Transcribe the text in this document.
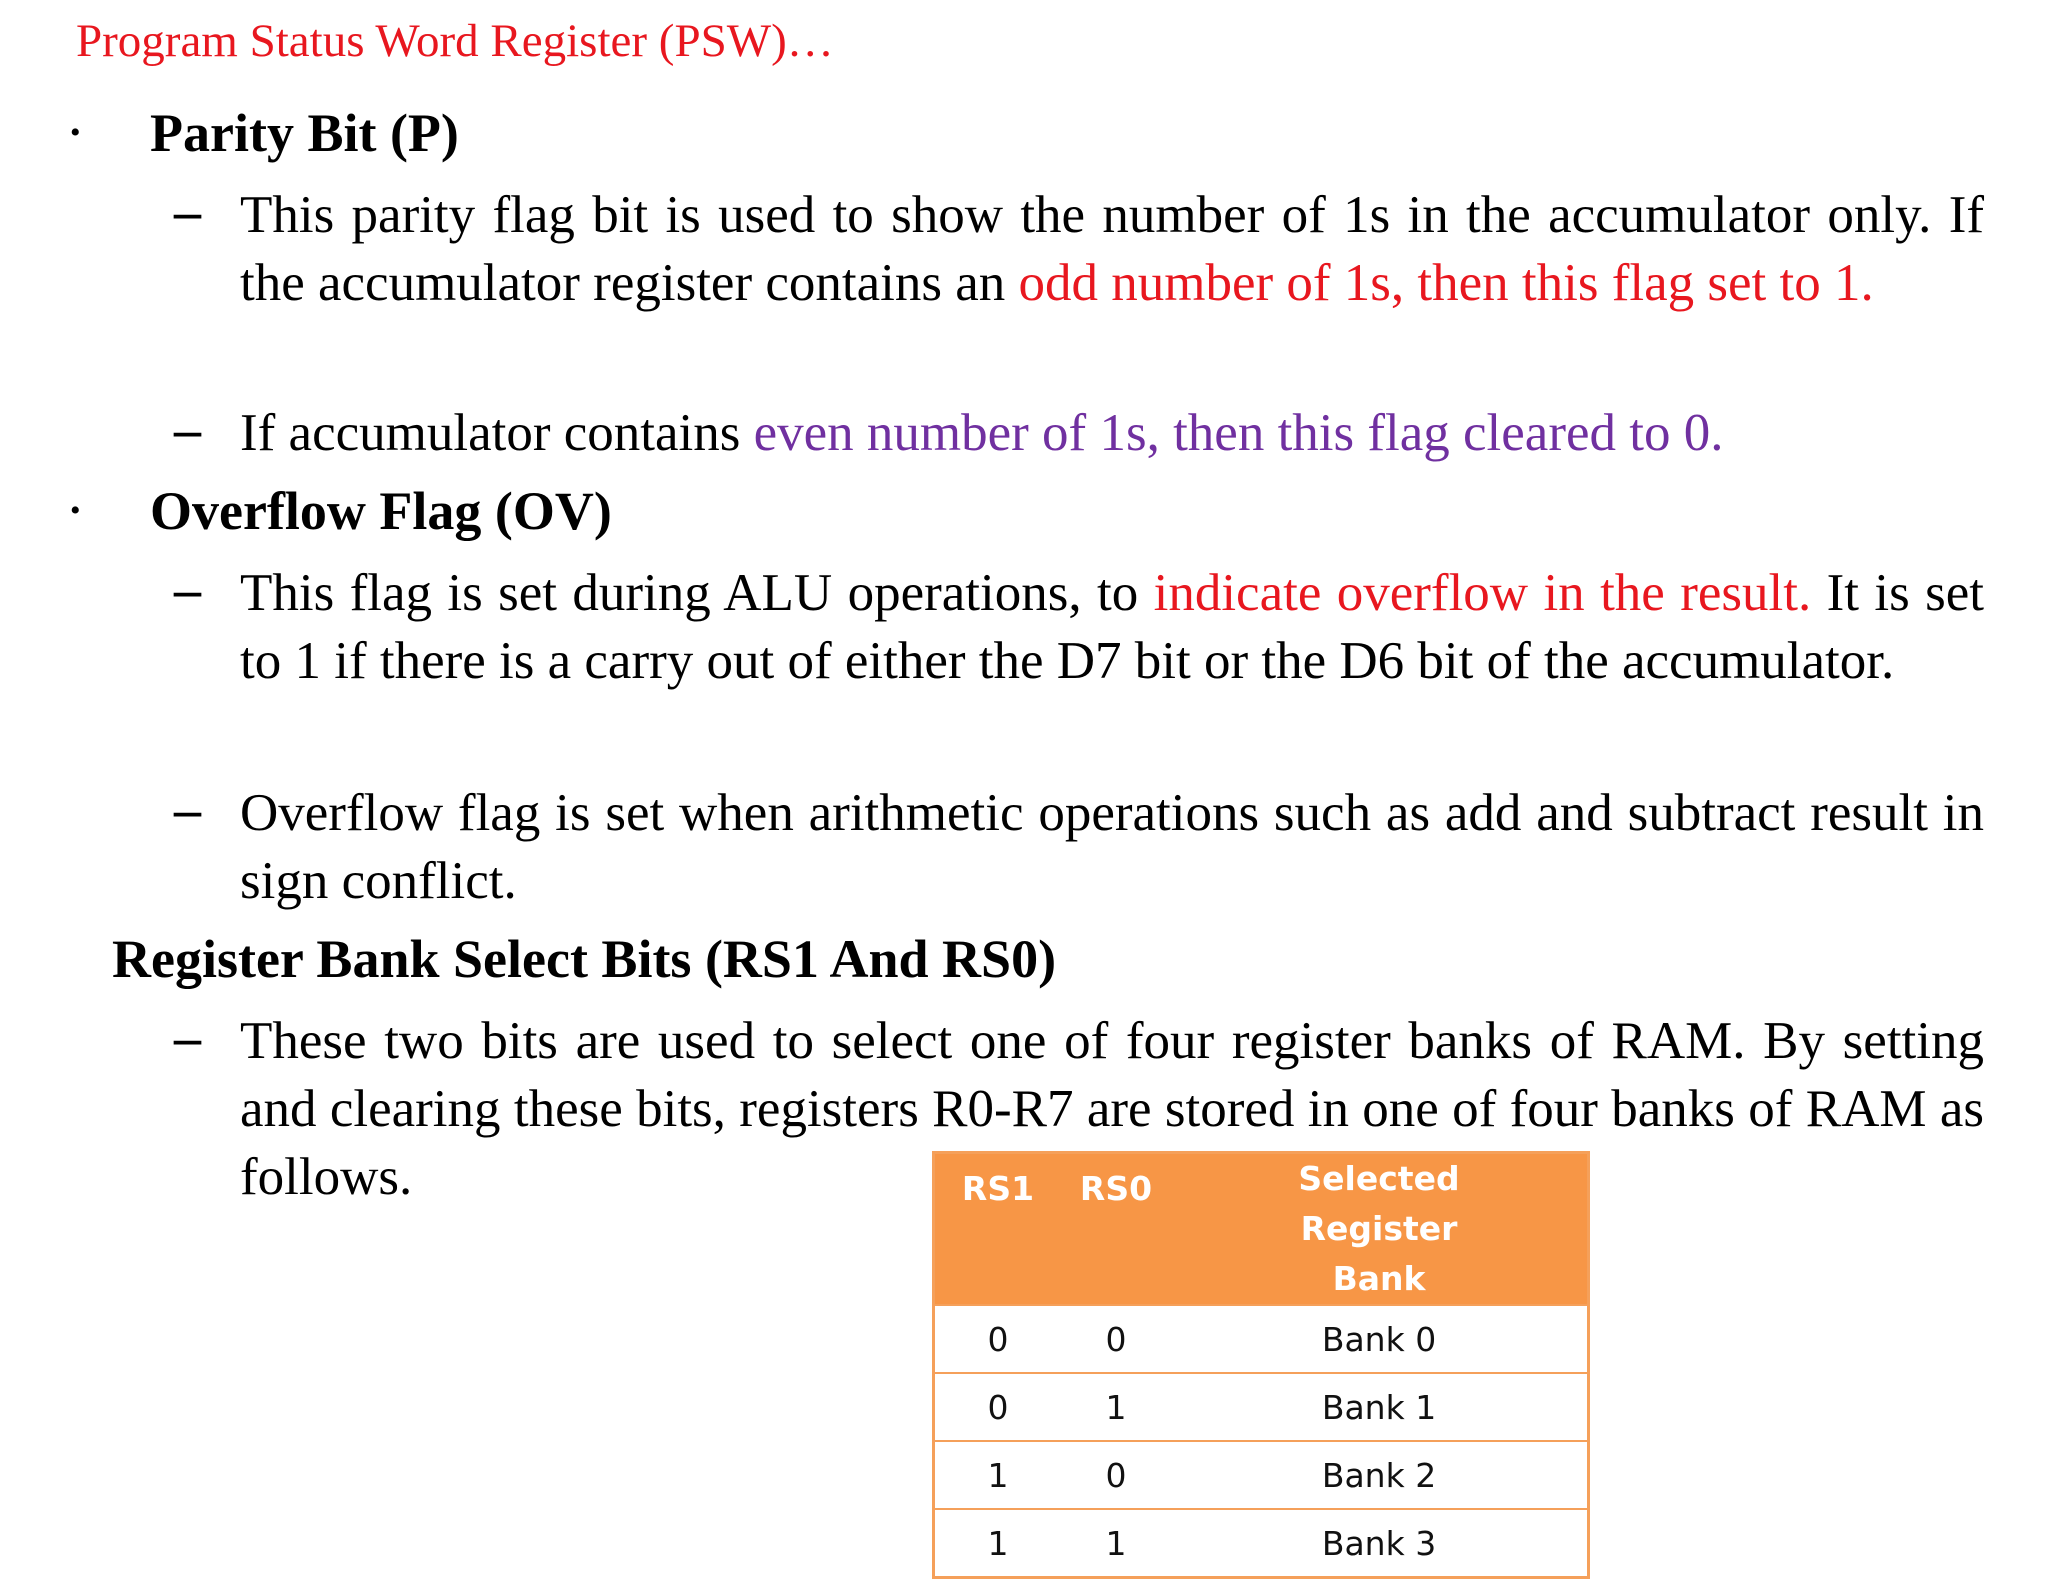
Program Status Word Register (PSW)…
• Parity Bit (P)
– This parity flag bit is used to show the number of 1s in the accumulator only. If the accumulator register contains an odd number of 1s, then this flag set to 1.
– If accumulator contains even number of 1s, then this flag cleared to 0.
• Overflow Flag (OV)
– This flag is set during ALU operations, to indicate overflow in the result. It is set to 1 if there is a carry out of either the D7 bit or the D6 bit of the accumulator.
– Overflow flag is set when arithmetic operations such as add and subtract result in sign conflict.
Register Bank Select Bits (RS1 And RS0)
– These two bits are used to select one of four register banks of RAM. By setting and clearing these bits, registers R0-R7 are stored in one of four banks of RAM as follows.	RS1	RS0	Selected Register Bank

0	0	Bank 0
0	1	Bank 1
1	0	Bank 2
1	1	Bank 3
